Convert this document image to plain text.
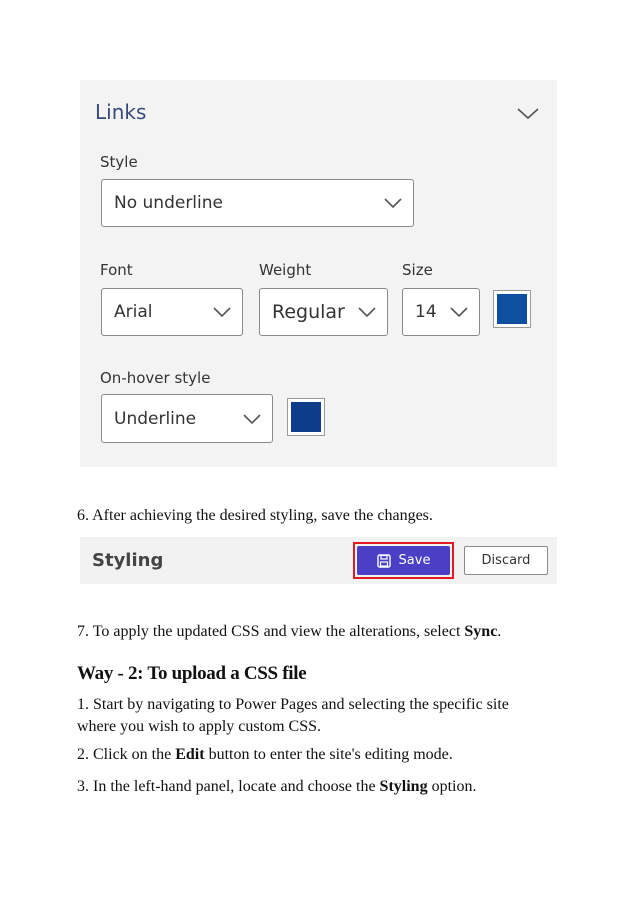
Links
Style
No underline
Font	Weight	Size
Arial	Regular	14
On-hover style
Underline
6. After achieving the desired styling, save the changes.
Styling	Save	Discard
7. To apply the updated CSS and view the alterations, select Sync.
Way - 2: To upload a CSS file
1. Start by navigating to Power Pages and selecting the specific site where you wish to apply custom CSS.
2. Click on the Edit button to enter the site's editing mode.
3. In the left-hand panel, locate and choose the Styling option.
